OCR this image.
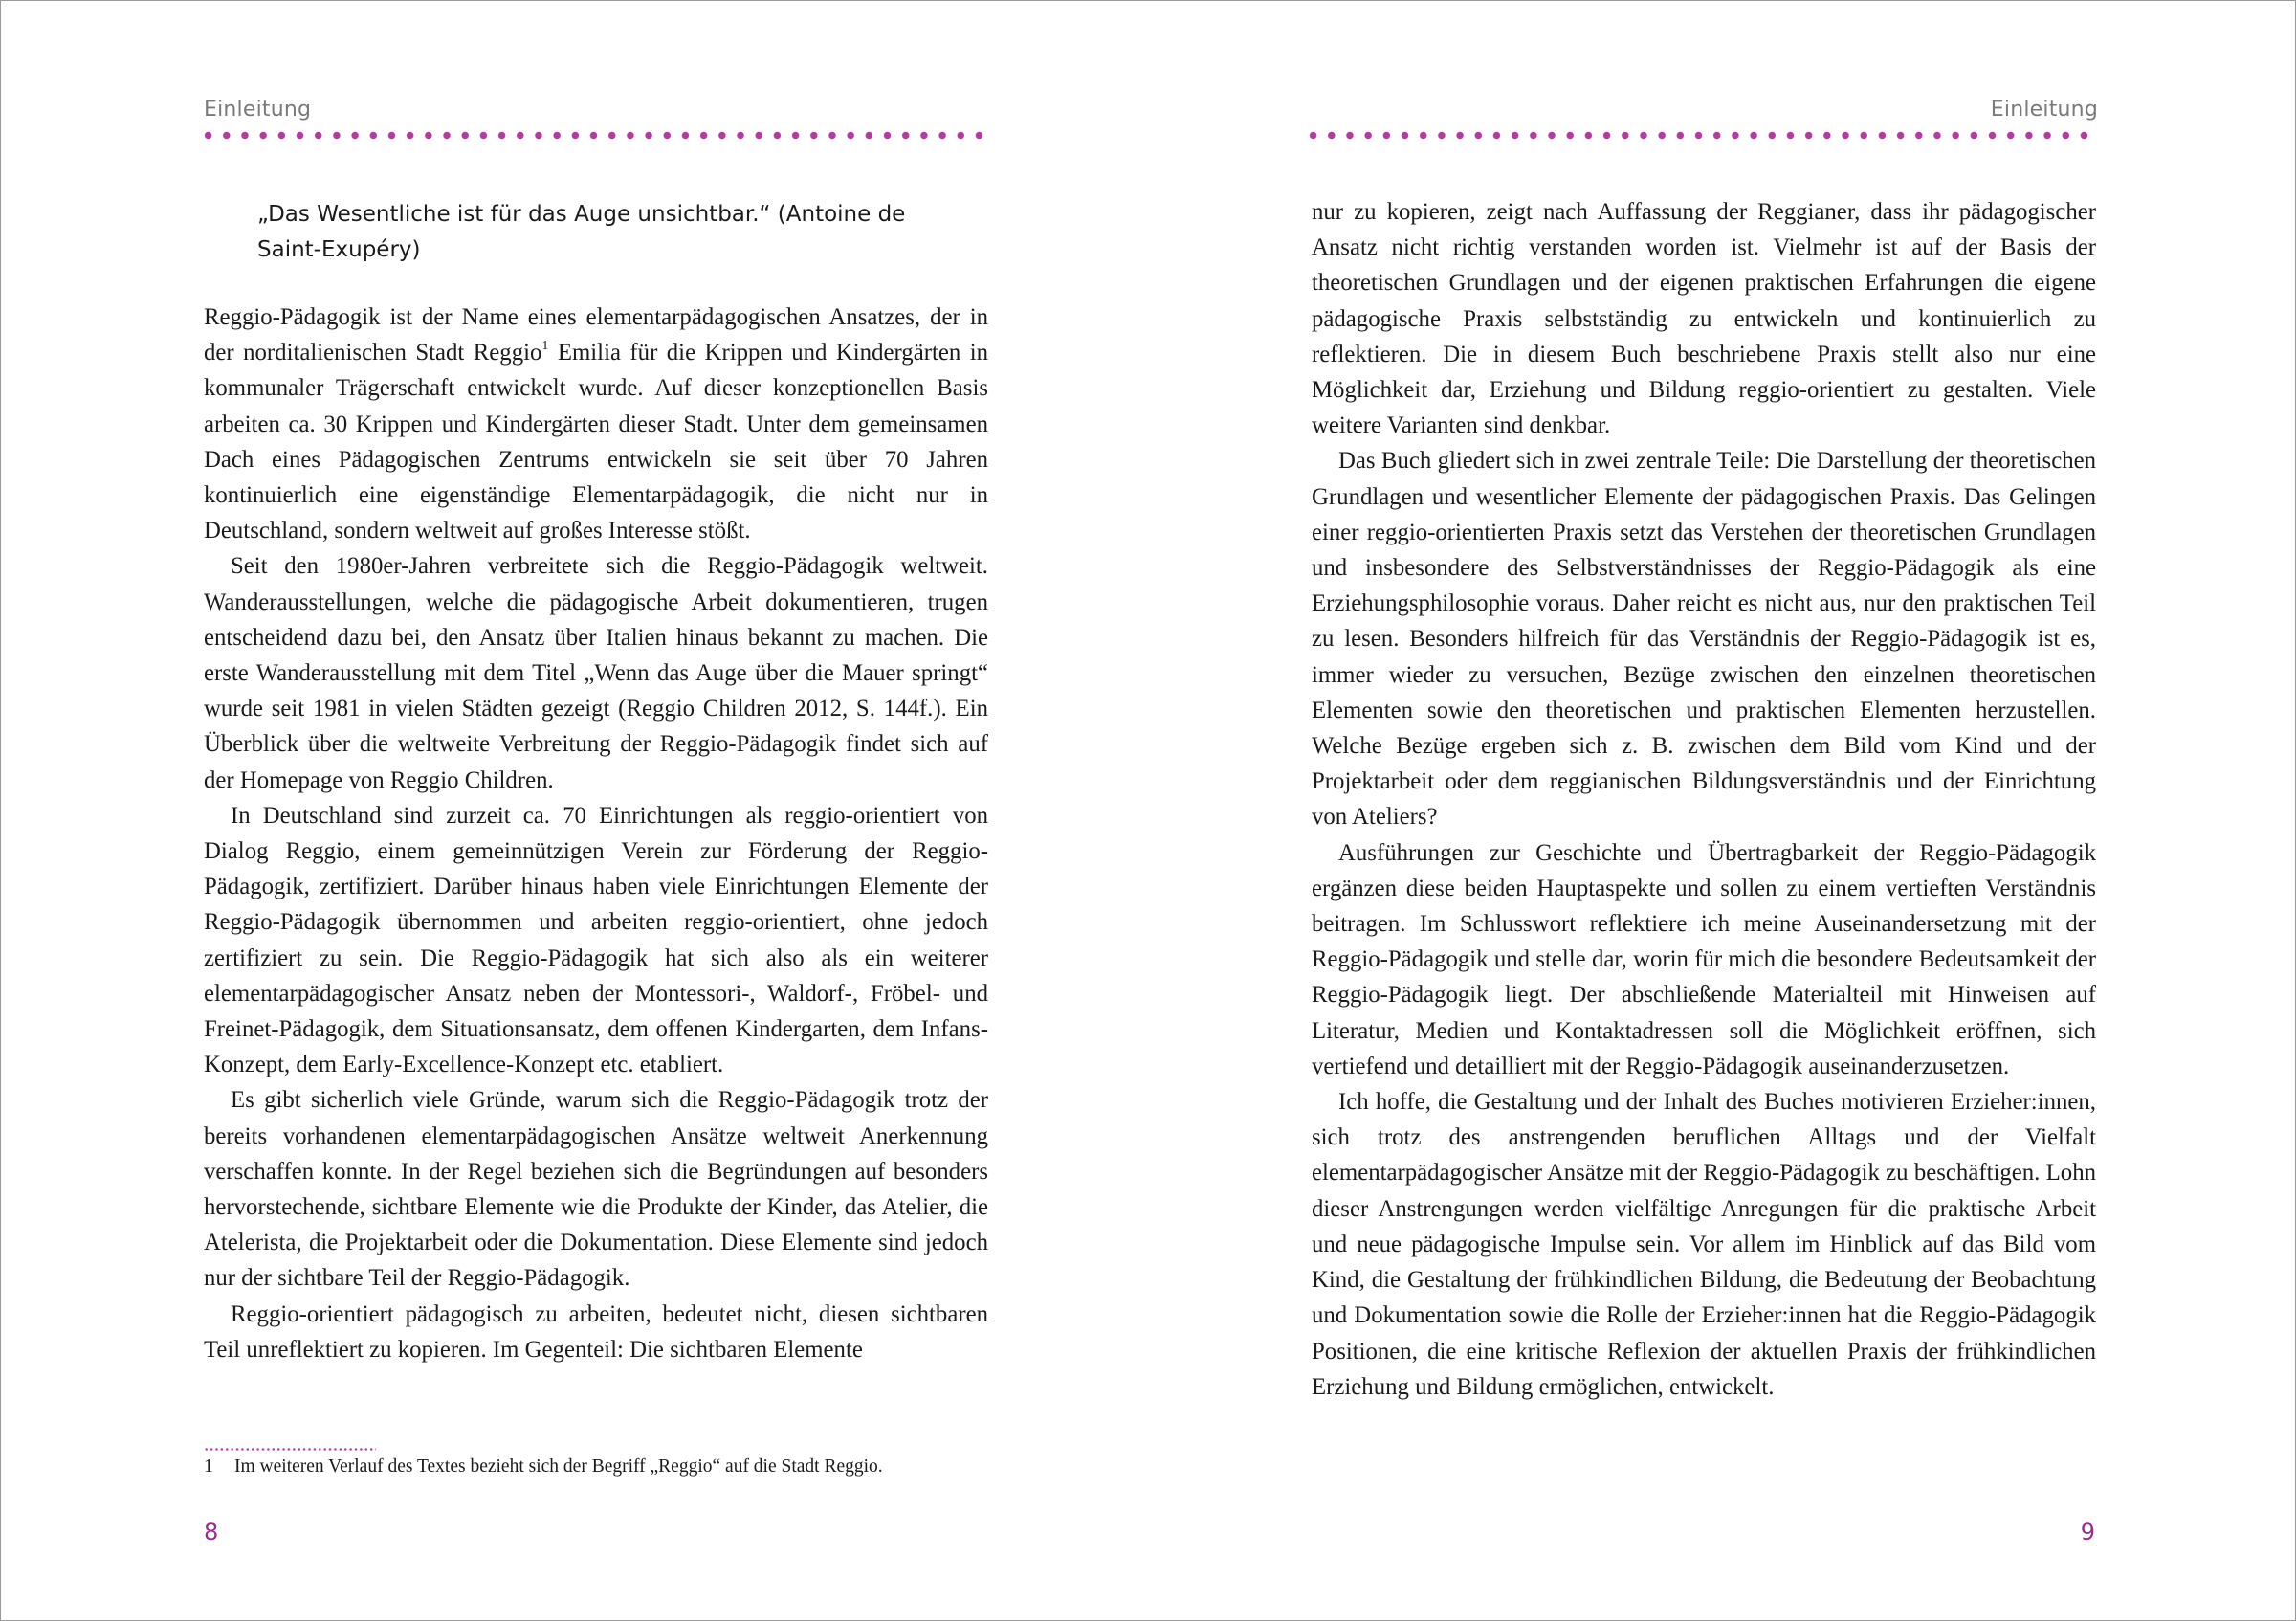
Einleitung
„Das Wesentliche ist für das Auge unsichtbar.“ (Antoine de Saint-Exupéry)

Reggio-Pädagogik ist der Name eines elementarpädagogischen Ansatzes, der in der norditalienischen Stadt Reggio$^1$ Emilia für die Krippen und Kindergärten in kommunaler Trägerschaft entwickelt wurde. Auf dieser konzeptionellen Basis arbeiten ca. 30 Krippen und Kindergärten dieser Stadt. Unter dem gemeinsamen Dach eines Pädagogischen Zentrums entwickeln sie seit über 70 Jahren kontinuierlich eine eigenständige Elementarpädagogik, die nicht nur in Deutschland, sondern weltweit auf großes Interesse stößt.

Seit den 1980er-Jahren verbreitete sich die Reggio-Pädagogik weltweit. Wanderausstellungen, welche die pädagogische Arbeit dokumentieren, trugen entscheidend dazu bei, den Ansatz über Italien hinaus bekannt zu machen. Die erste Wanderausstellung mit dem Titel „Wenn das Auge über die Mauer springt“ wurde seit 1981 in vielen Städten gezeigt (Reggio Children 2012, S. 144f.). Ein Überblick über die weltweite Verbreitung der Reggio-Pädagogik findet sich auf der Homepage von Reggio Children.

In Deutschland sind zurzeit ca. 70 Einrichtungen als reggio-orientiert von Dialog Reggio, einem gemeinnützigen Verein zur Förderung der Reggio-Pädagogik, zertifiziert. Darüber hinaus haben viele Einrichtungen Elemente der Reggio-Pädagogik übernommen und arbeiten reggio-orientiert, ohne jedoch zertifiziert zu sein. Die Reggio-Pädagogik hat sich also als ein weiterer elementarpädagogischer Ansatz neben der Montessori-, Waldorf-, Fröbel- und Freinet-Pädagogik, dem Situationsansatz, dem offenen Kindergarten, dem Infans-Konzept, dem Early-Excellence-Konzept etc. etabliert.

Es gibt sicherlich viele Gründe, warum sich die Reggio-Pädagogik trotz der bereits vorhandenen elementarpädagogischen Ansätze weltweit Anerkennung verschaffen konnte. In der Regel beziehen sich die Begründungen auf besonders hervorstechende, sichtbare Elemente wie die Produkte der Kinder, das Atelier, die Atelerista, die Projektarbeit oder die Dokumentation. Diese Elemente sind jedoch nur der sichtbare Teil der Reggio-Pädagogik.

Reggio-orientiert pädagogisch zu arbeiten, bedeutet nicht, diesen sichtbaren Teil unreflektiert zu kopieren. Im Gegenteil: Die sichtbaren Elemente

1 Im weiteren Verlauf des Textes bezieht sich der Begriff „Reggio“ auf die Stadt Reggio.
8
Einleitung

nur zu kopieren, zeigt nach Auffassung der Reggianer, dass ihr pädagogischer Ansatz nicht richtig verstanden worden ist. Vielmehr ist auf der Basis der theoretischen Grundlagen und der eigenen praktischen Erfahrungen die eigene pädagogische Praxis selbstständig zu entwickeln und kontinuierlich zu reflektieren. Die in diesem Buch beschriebene Praxis stellt also nur eine Möglichkeit dar, Erziehung und Bildung reggio-orientiert zu gestalten. Viele weitere Varianten sind denkbar.

Das Buch gliedert sich in zwei zentrale Teile: Die Darstellung der theoretischen Grundlagen und wesentlicher Elemente der pädagogischen Praxis. Das Gelingen einer reggio-orientierten Praxis setzt das Verstehen der theoretischen Grundlagen und insbesondere des Selbstverständnisses der Reggio-Pädagogik als eine Erziehungsphilosophie voraus. Daher reicht es nicht aus, nur den praktischen Teil zu lesen. Besonders hilfreich für das Verständnis der Reggio-Pädagogik ist es, immer wieder zu versuchen, Bezüge zwischen den einzelnen theoretischen Elementen sowie den theoretischen und praktischen Elementen herzustellen. Welche Bezüge ergeben sich z. B. zwischen dem Bild vom Kind und der Projektarbeit oder dem reggianischen Bildungsverständnis und der Einrichtung von Ateliers?

Ausführungen zur Geschichte und Übertragbarkeit der Reggio-Pädagogik ergänzen diese beiden Hauptaspekte und sollen zu einem vertieften Verständnis beitragen. Im Schlusswort reflektiere ich meine Auseinandersetzung mit der Reggio-Pädagogik und stelle dar, worin für mich die besondere Bedeutsamkeit der Reggio-Pädagogik liegt. Der abschließende Materialteil mit Hinweisen auf Literatur, Medien und Kontaktadressen soll die Möglichkeit eröffnen, sich vertiefend und detailliert mit der Reggio-Pädagogik auseinanderzusetzen.

Ich hoffe, die Gestaltung und der Inhalt des Buches motivieren Erzieher:innen, sich trotz des anstrengenden beruflichen Alltags und der Vielfalt elementarpädagogischer Ansätze mit der Reggio-Pädagogik zu beschäftigen. Lohn dieser Anstrengungen werden vielfältige Anregungen für die praktische Arbeit und neue pädagogische Impulse sein. Vor allem im Hinblick auf das Bild vom Kind, die Gestaltung der frühkindlichen Bildung, die Bedeutung der Beobachtung und Dokumentation sowie die Rolle der Erzieher:innen hat die Reggio-Pädagogik Positionen, die eine kritische Reflexion der aktuellen Praxis der frühkindlichen Erziehung und Bildung ermöglichen, entwickelt.

9
